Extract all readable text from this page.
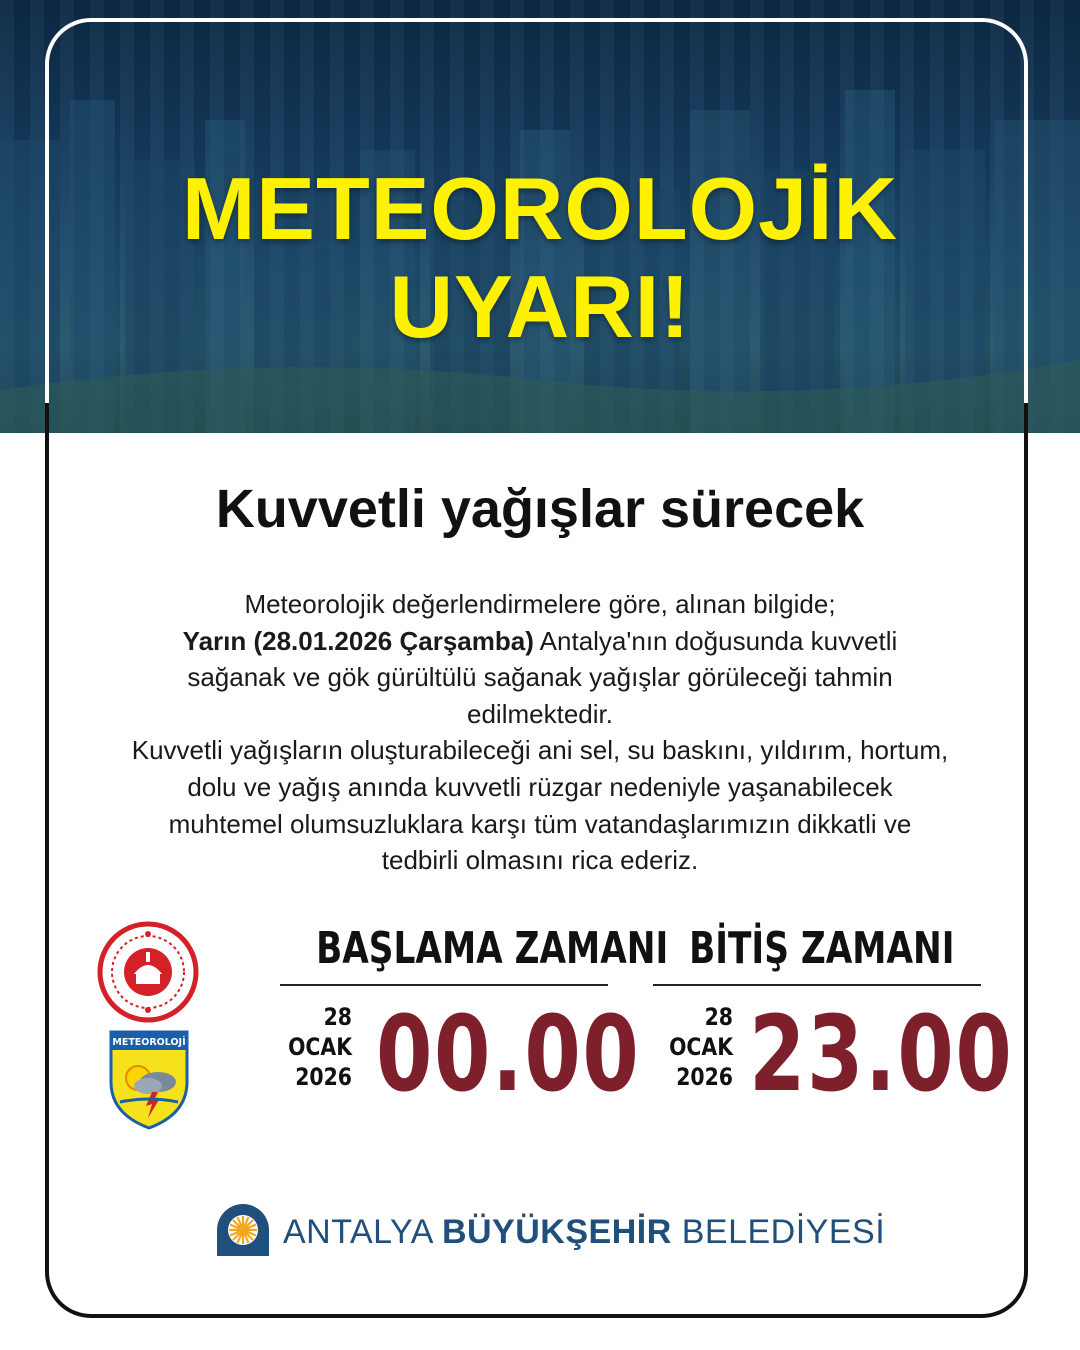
METEOROLOJİK
UYARI!
Kuvvetli yağışlar sürecek
Meteorolojik değerlendirmelere göre, alınan bilgide;
Yarın (28.01.2026 Çarşamba) Antalya'nın doğusunda kuvvetli sağanak ve gök gürültülü sağanak yağışlar görüleceği tahmin edilmektedir.
Kuvvetli yağışların oluşturabileceği ani sel, su baskını, yıldırım, hortum, dolu ve yağış anında kuvvetli rüzgar nedeniyle yaşanabilecek muhtemel olumsuzluklara karşı tüm vatandaşlarımızın dikkatli ve tedbirli olmasını rica ederiz.
METEOROLOJİ
BAŞLAMA ZAMANI
28
OCAK
2026 00.00
BİTİŞ ZAMANI
28
OCAK
2026 23.00
ANTALYA BÜYÜKŞEHİR BELEDİYESİ
